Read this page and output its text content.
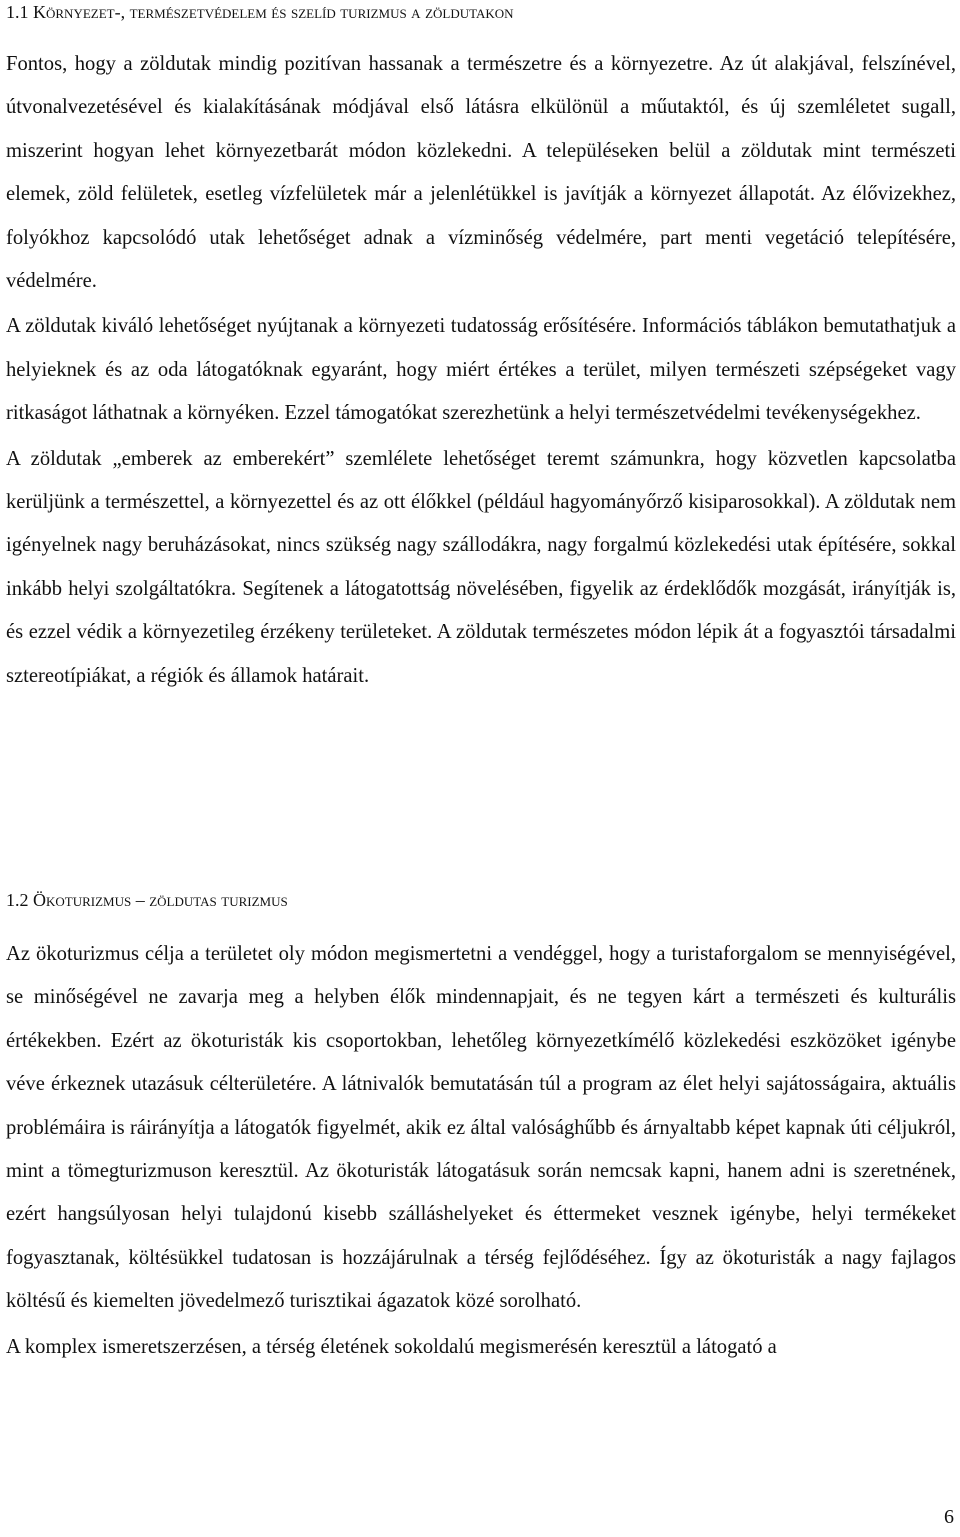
1.1 Környezet-, természetvédelem és szelíd turizmus a zöldutakon

Fontos, hogy a zöldutak mindig pozitívan hassanak a természetre és a környezetre. Az út alakjával, felszínével, útvonalvezetésével és kialakításának módjával első látásra elkülönül a műutaktól, és új szemléletet sugall, miszerint hogyan lehet környezetbarát módon közlekedni. A településeken belül a zöldutak mint természeti elemek, zöld felületek, esetleg vízfelületek már a jelenlétükkel is javítják a környezet állapotát. Az élővizekhez, folyókhoz kapcsolódó utak lehetőséget adnak a vízminőség védelmére, part menti vegetáció telepítésére, védelmére.

A zöldutak kiváló lehetőséget nyújtanak a környezeti tudatosság erősítésére. Információs táblákon bemutathatjuk a helyieknek és az oda látogatóknak egyaránt, hogy miért értékes a terület, milyen természeti szépségeket vagy ritkaságot láthatnak a környéken. Ezzel támogatókat szerezhetünk a helyi természetvédelmi tevékenységekhez.

A zöldutak „emberek az emberekért” szemlélete lehetőséget teremt számunkra, hogy közvetlen kapcsolatba kerüljünk a természettel, a környezettel és az ott élőkkel (például hagyományőrző kisiparosokkal). A zöldutak nem igényelnek nagy beruházásokat, nincs szükség nagy szállodákra, nagy forgalmú közlekedési utak építésére, sokkal inkább helyi szolgáltatókra. Segítenek a látogatottság növelésében, figyelik az érdeklődők mozgását, irányítják is, és ezzel védik a környezetileg érzékeny területeket. A zöldutak természetes módon lépik át a fogyasztói társadalmi sztereotípiákat, a régiók és államok határait.

1.2 Ökoturizmus – zöldutas turizmus

Az ökoturizmus célja a területet oly módon megismertetni a vendéggel, hogy a turistaforgalom se mennyiségével, se minőségével ne zavarja meg a helyben élők mindennapjait, és ne tegyen kárt a természeti és kulturális értékekben. Ezért az ökoturisták kis csoportokban, lehetőleg környezetkímélő közlekedési eszközöket igénybe véve érkeznek utazásuk célterületére. A látnivalók bemutatásán túl a program az élet helyi sajátosságaira, aktuális problémáira is ráirányítja a látogatók figyelmét, akik ez által valósághűbb és árnyaltabb képet kapnak úti céljukról, mint a tömegturizmuson keresztül. Az ökoturisták látogatásuk során nemcsak kapni, hanem adni is szeretnének, ezért hangsúlyosan helyi tulajdonú kisebb szálláshelyeket és éttermeket vesznek igénybe, helyi termékeket fogyasztanak, költésükkel tudatosan is hozzájárulnak a térség fejlődéséhez. Így az ökoturisták a nagy fajlagos költésű és kiemelten jövedelmező turisztikai ágazatok közé sorolható.

A komplex ismeretszerzésen, a térség életének sokoldalú megismerésén keresztül a látogató a

6
